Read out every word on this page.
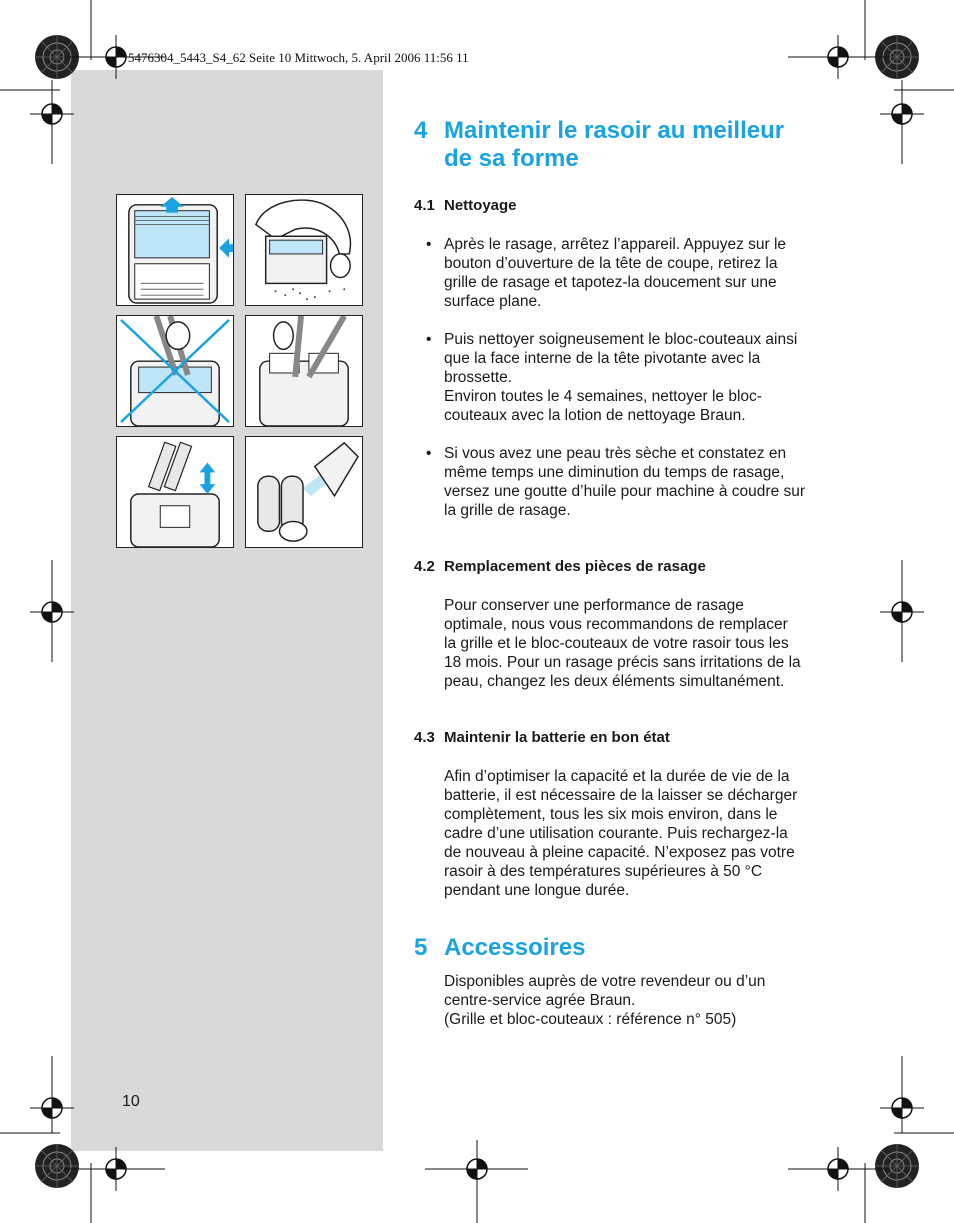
5476304_5443_S4_62 Seite 10 Mittwoch, 5. April 2006 11:56 11
4 Maintenir le rasoir au meilleur
de sa forme
4.1 Nettoyage
• Après le rasage, arrêtez l’appareil. Appuyez sur le
bouton d’ouverture de la tête de coupe, retirez la
grille de rasage et tapotez-la doucement sur une
surface plane.
• Puis nettoyer soigneusement le bloc-couteaux ainsi
que la face interne de la tête pivotante avec la
brossette.
Environ toutes le 4 semaines, nettoyer le bloc-
couteaux avec la lotion de nettoyage Braun.
• Si vous avez une peau très sèche et constatez en
même temps une diminution du temps de rasage,
versez une goutte d’huile pour machine à coudre sur
la grille de rasage.
4.2 Remplacement des pièces de rasage

Pour conserver une performance de rasage
optimale, nous vous recommandons de remplacer
la grille et le bloc-couteaux de votre rasoir tous les
18 mois. Pour un rasage précis sans irritations de la
peau, changez les deux éléments simultanément.

4.3 Maintenir la batterie en bon état

Afin d’optimiser la capacité et la durée de vie de la
batterie, il est nécessaire de la laisser se décharger
complètement, tous les six mois environ, dans le
cadre d’une utilisation courante. Puis rechargez-la
de nouveau à pleine capacité. N’exposez pas votre
rasoir à des températures supérieures à 50 °C
pendant une longue durée.

5 Accessoires

Disponibles auprès de votre revendeur ou d’un
centre-service agrée Braun.
(Grille et bloc-couteaux : référence n° 505)

10
